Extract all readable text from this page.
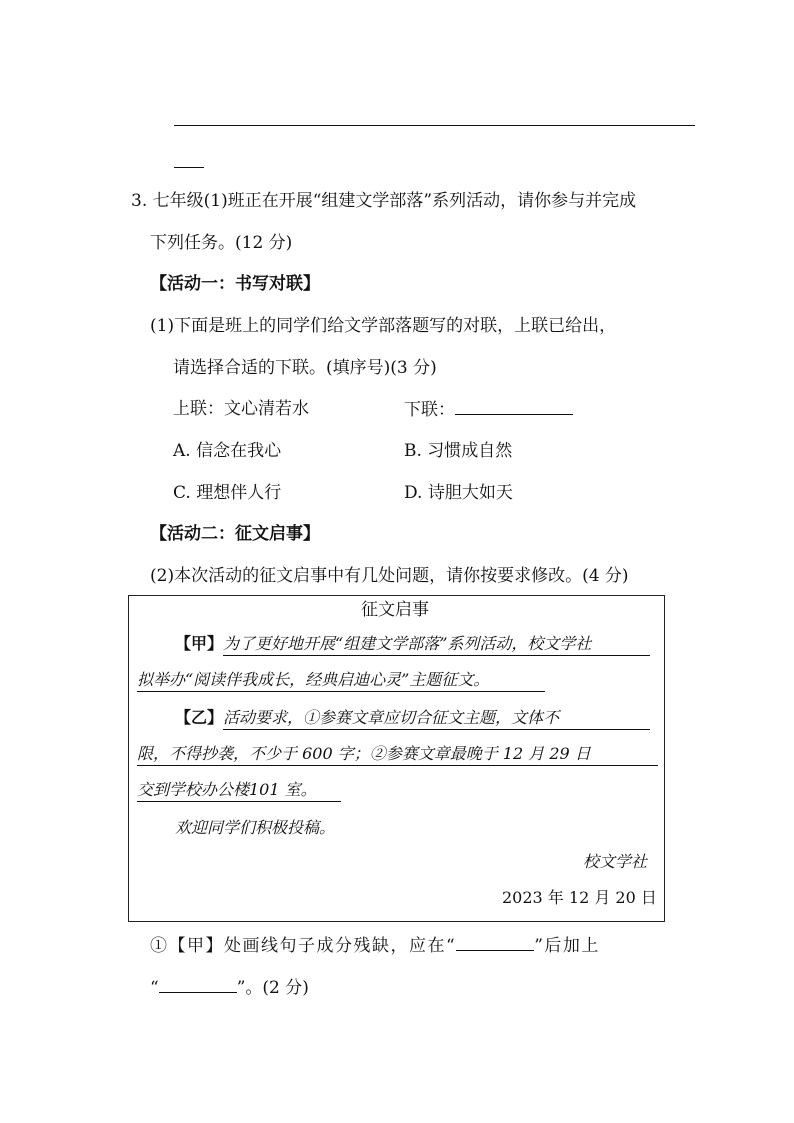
3. 七年级(1)班正在开展“组建文学部落”系列活动，请你参与并完成
下列任务。(12 分)
【活动一：书写对联】
(1)下面是班上的同学们给文学部落题写的对联，上联已给出，
请选择合适的下联。(填序号)(3 分)
上联：文心清若水	下联：
A. 信念在我心	B. 习惯成自然
C. 理想伴人行	D. 诗胆大如天
【活动二：征文启事】
(2)本次活动的征文启事中有几处问题，请你按要求修改。(4 分)
征文启事
【甲】为了更好地开展“组建文学部落”系列活动，校文学社
拟举办“阅读伴我成长，经典启迪心灵”主题征文。
【乙】活动要求，①参赛文章应切合征文主题，文体不
限，不得抄袭，不少于 600 字；②参赛文章最晚于 12 月 29 日
交到学校办公楼101 室。
欢迎同学们积极投稿。
校文学社
2023 年 12 月 20 日
①【甲】处画线句子成分残缺，应在“	”后加上
“	”。(2 分)
